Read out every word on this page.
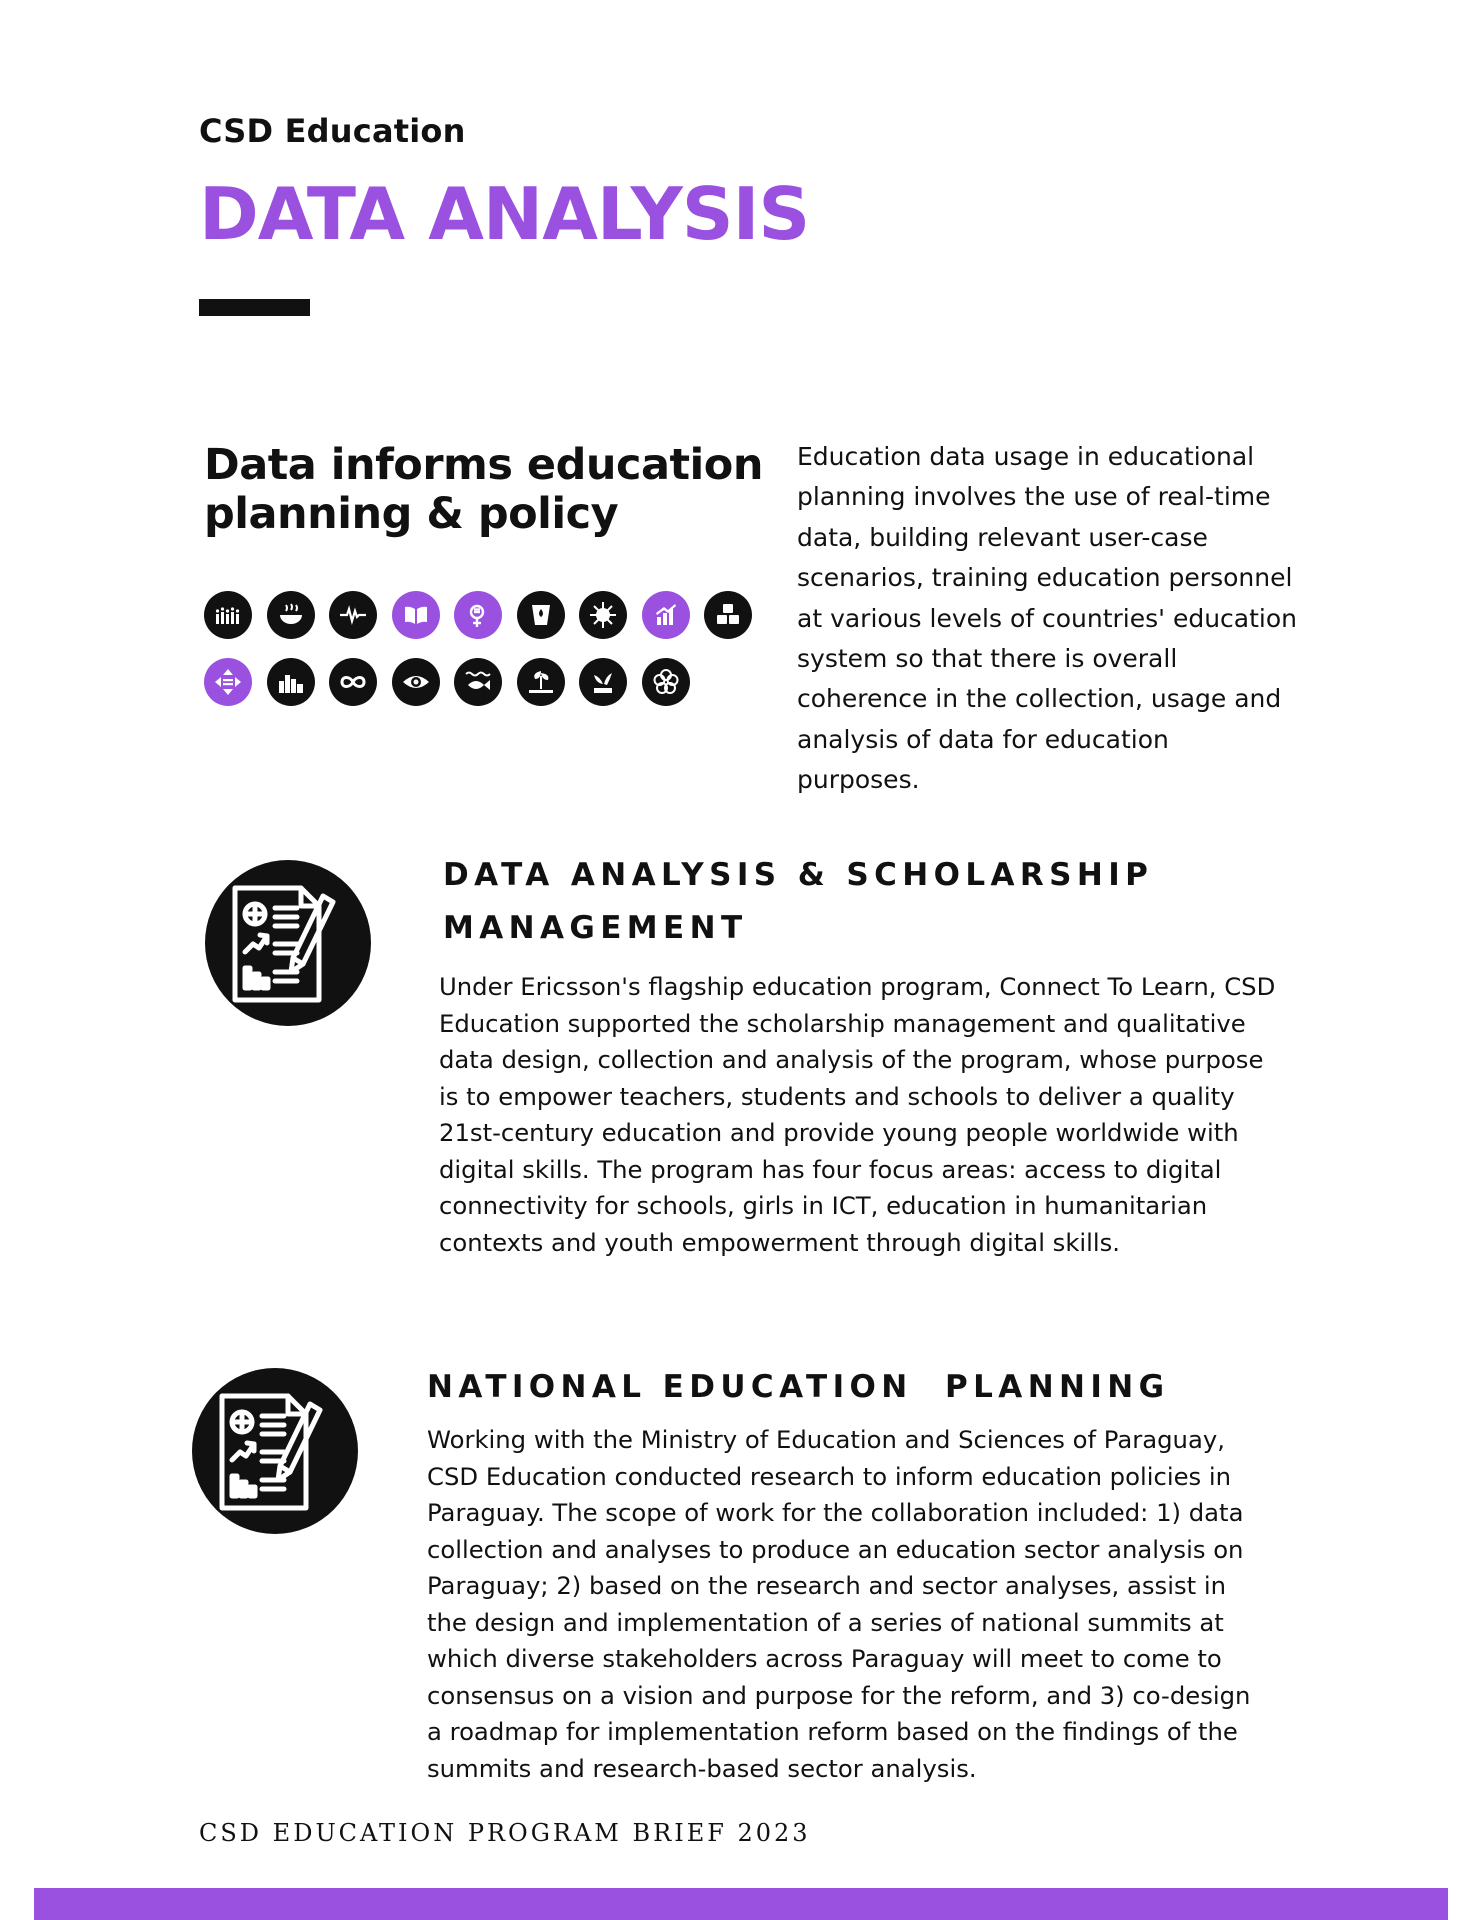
CSD Education
DATA ANALYSIS
Data informs education planning & policy
Education data usage in educational planning involves the use of real-time data, building relevant user-case scenarios, training education personnel at various levels of countries' education system so that there is overall coherence in the collection, usage and analysis of data for education purposes.
DATA ANALYSIS & SCHOLARSHIP MANAGEMENT
Under Ericsson's flagship education program, Connect To Learn, CSD Education supported the scholarship management and qualitative data design, collection and analysis of the program, whose purpose is to empower teachers, students and schools to deliver a quality 21st-century education and provide young people worldwide with digital skills. The program has four focus areas: access to digital connectivity for schools, girls in ICT, education in humanitarian contexts and youth empowerment through digital skills.
NATIONAL EDUCATION  PLANNING
Working with the Ministry of Education and Sciences of Paraguay, CSD Education conducted research to inform education policies in Paraguay. The scope of work for the collaboration included: 1) data collection and analyses to produce an education sector analysis on Paraguay; 2) based on the research and sector analyses, assist in the design and implementation of a series of national summits at which diverse stakeholders across Paraguay will meet to come to consensus on a vision and purpose for the reform, and 3) co-design a roadmap for implementation reform based on the findings of the summits and research-based sector analysis.
CSD EDUCATION PROGRAM BRIEF 2023
